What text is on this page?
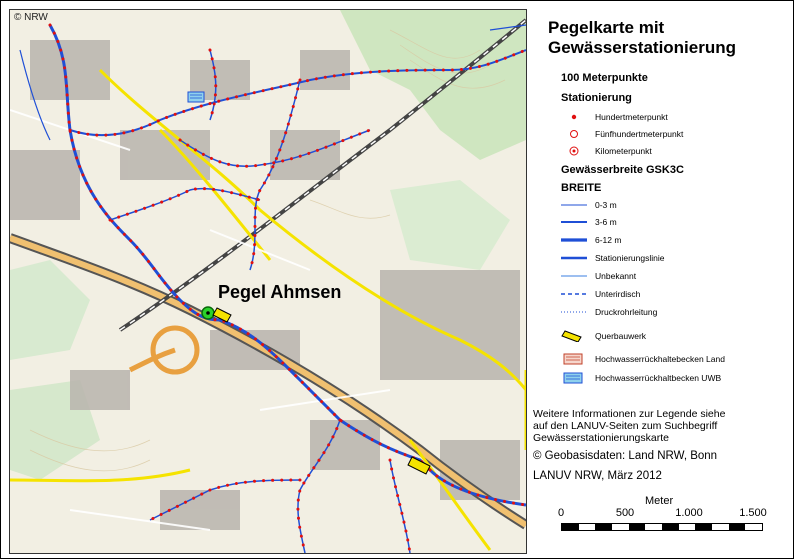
© NRW
Pegel Ahmsen
Pegelkarte mit
Gewässerstationierung
100 Meterpunkte
Stationierung
Hundertmeterpunkt
Fünfhundertmeterpunkt
Kilometerpunkt
Gewässerbreite GSK3C
BREITE
0-3 m
3-6 m
6-12 m
Stationierungslinie
Unbekannt
Unterirdisch
Druckrohrleitung
Querbauwerk
Hochwasserrückhaltebecken Land
Hochwasserrückhaltbecken UWB
Weitere Informationen zur Legende siehe
auf den LANUV-Seiten zum Suchbegriff
Gewässerstationierungskarte
© Geobasisdaten: Land NRW, Bonn
LANUV NRW, März 2012
Meter
0	500	1.000	1.500
